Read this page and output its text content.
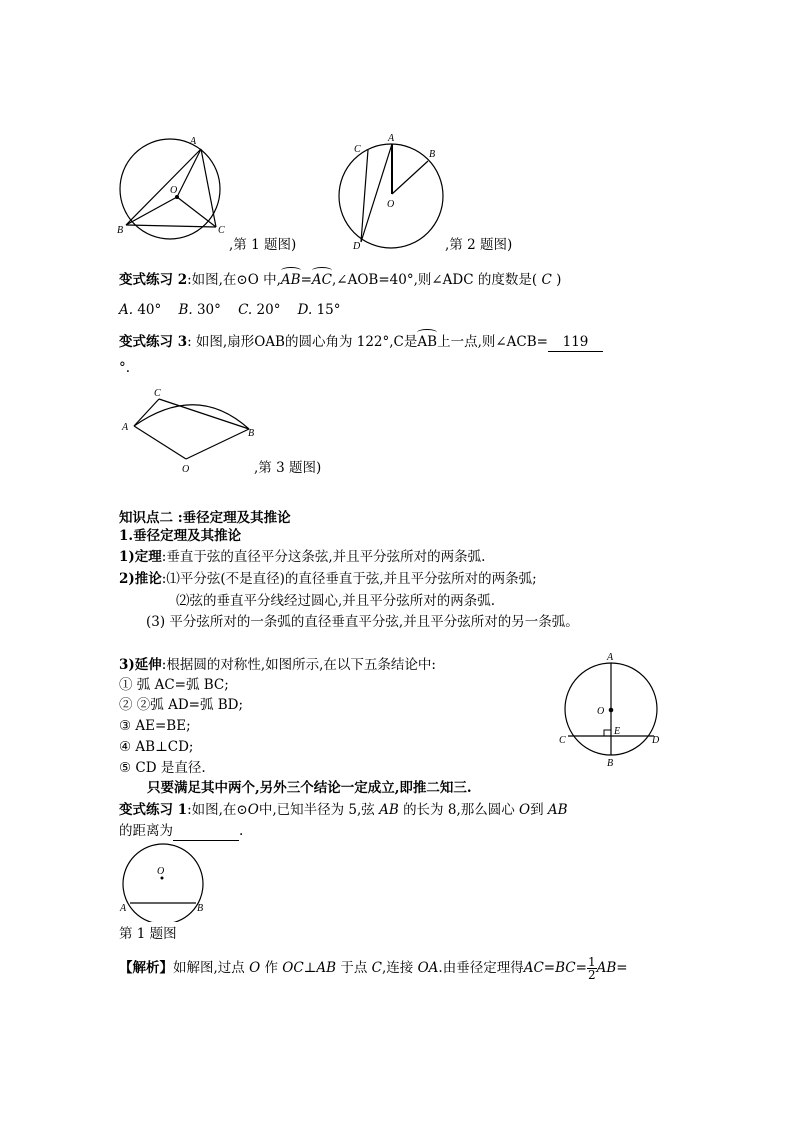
A
O
B	C
,第 1 题图)
A
B
C
D
O
,第 2 题图)
变式练习 2:如图,在⊙O 中,AB=AC,∠AOB=40°,则∠ADC 的度数是( C )
A. 40° B. 30° C. 20° D. 15°
变式练习 3: 如图,扇形OAB的圆心角为 122°,C是AB上一点,则∠ACB= 119
°.
C
A
B
O	,第 3 题图)
知识点二 :垂径定理及其推论
1.垂径定理及其推论
1)定理:垂直于弦的直径平分这条弦,并且平分弦所对的两条弧.
2)推论:⑴平分弦(不是直径)的直径垂直于弦,并且平分弦所对的两条弧;
⑵弦的垂直平分线经过圆心,并且平分弦所对的两条弧.
(3) 平分弦所对的一条弧的直径垂直平分弦,并且平分弦所对的另一条弧。
3)延伸:根据圆的对称性,如图所示,在以下五条结论中:
① 弧 AC=弧 BC;
② ②弧 AD=弧 BD;
③ AE=BE;
④ AB⊥CD;
⑤ CD 是直径.
A
O
E
C	D
B
只要满足其中两个,另外三个结论一定成立,即推二知三.
变式练习 1:如图,在⊙O中,已知半径为 5,弦 AB 的长为 8,那么圆心 O到 AB
的距离为	.
O
A	B
第 1 题图
【解析】如解图,过点 O 作 OC⊥AB 于点 C,连接 OA.由垂径定理得$AC=BC= \frac{1}{2} AB=$
